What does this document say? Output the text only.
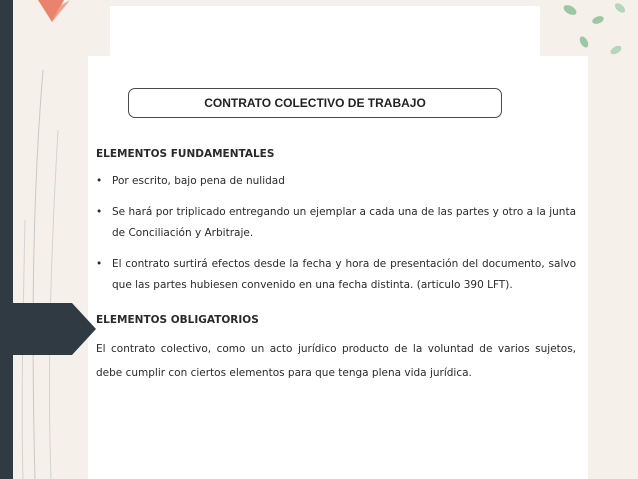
CONTRATO COLECTIVO DE TRABAJO
ELEMENTOS FUNDAMENTALES
• Por escrito, bajo pena de nulidad
• Se hará por triplicado entregando un ejemplar a cada una de las partes y otro a la junta de Conciliación y Arbitraje.
• El contrato surtirá efectos desde la fecha y hora de presentación del documento, salvo que las partes hubiesen convenido en una fecha distinta. (articulo 390 LFT).
ELEMENTOS OBLIGATORIOS

El contrato colectivo, como un acto jurídico producto de la voluntad de varios sujetos, debe cumplir con ciertos elementos para que tenga plena vida jurídica.
